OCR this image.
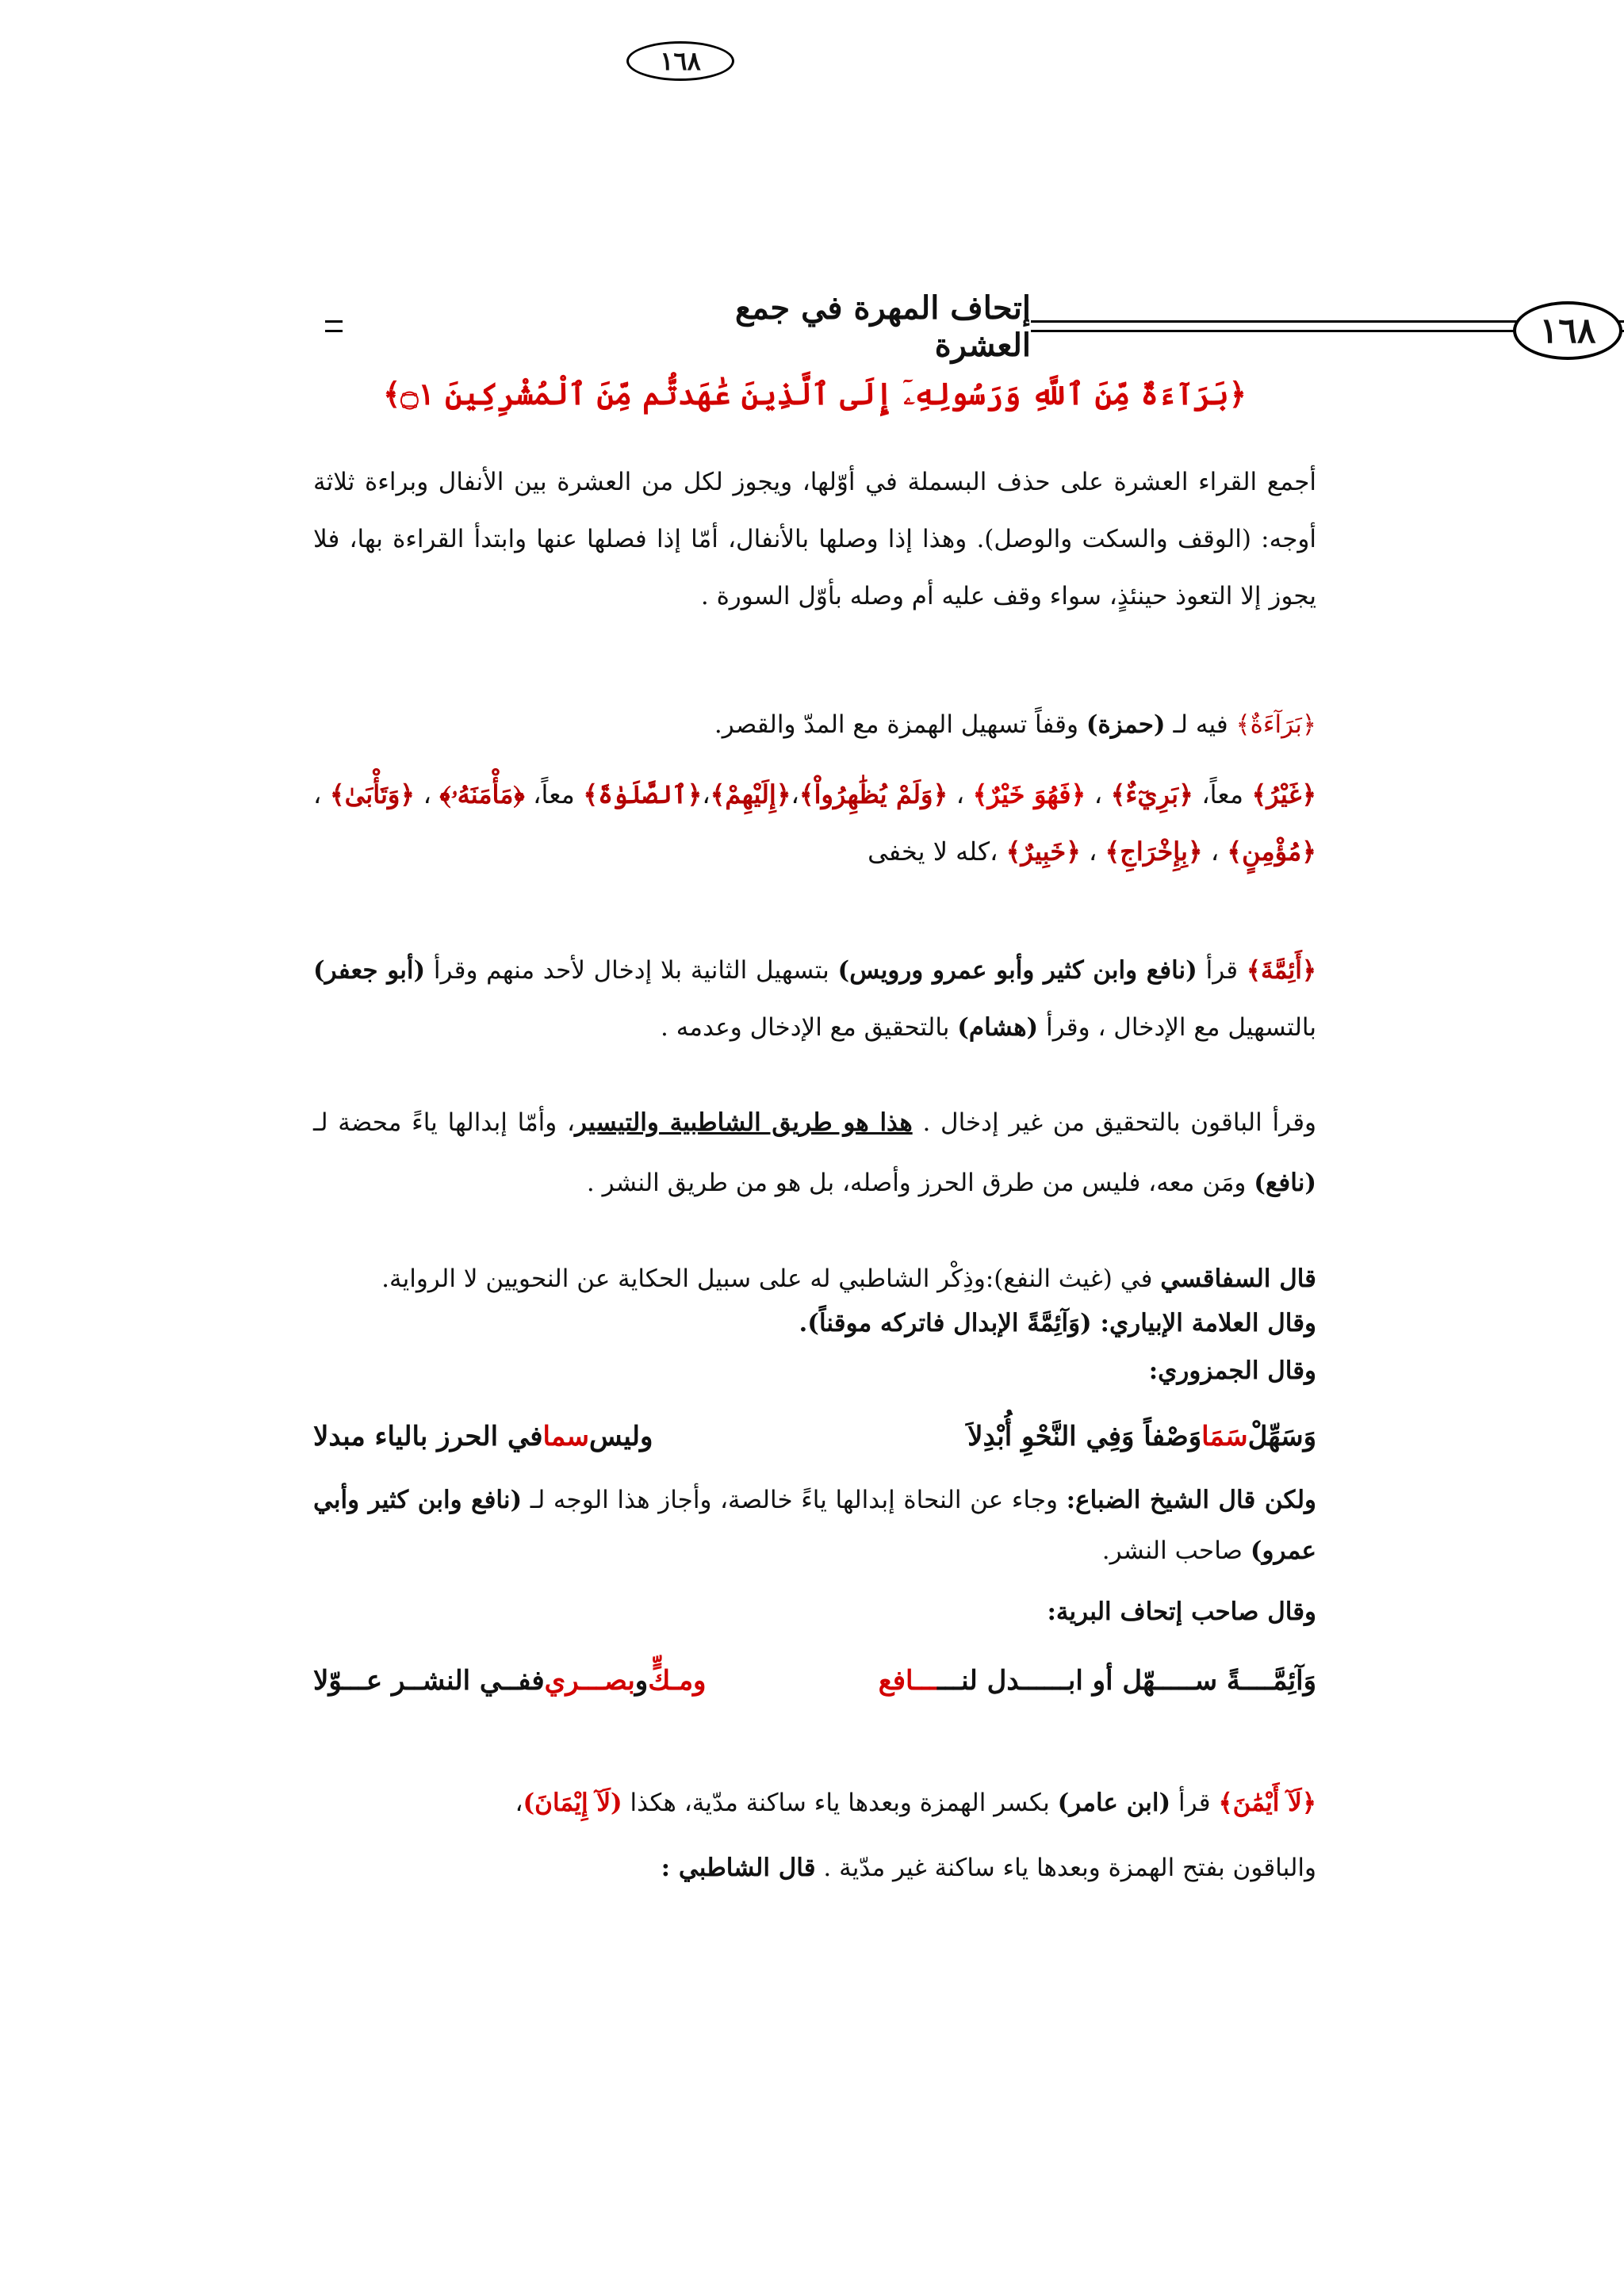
١٦٨
إتحاف المهرة في جمع العشرة	١٦٨
﴿بَرَآءَةٌ مِّنَ ٱللَّهِ وَرَسُولِهِۦٓ إِلَى ٱلَّذِينَ عَٰهَدتُّم مِّنَ ٱلْمُشْرِكِينَ ۝١﴾
أجمع القراء العشرة على حذف البسملة في أوّلها، ويجوز لكل من العشرة بين الأنفال وبراءة ثلاثة أوجه: (الوقف والسكت والوصل). وهذا إذا وصلها بالأنفال، أمّا إذا فصلها عنها وابتدأ القراءة بها، فلا يجوز إلا التعوذ حينئذٍ، سواء وقف عليه أم وصله بأوّل السورة .
﴿بَرَآءَةٌ﴾ فيه لـ (حمزة) وقفاً تسهيل الهمزة مع المدّ والقصر.
﴿غَيْرُ﴾ معاً، ﴿بَرِيٓءٌ﴾ ، ﴿فَهُوَ خَيْرٌ﴾ ، ﴿وَلَمْ يُظَٰهِرُواْ﴾،﴿إِلَيْهِمْ﴾،﴿ٱلصَّلَوٰةَ﴾ معاً، ﴿مَأْمَنَهُۥ﴾ ، ﴿وَتَأْبَىٰ﴾ ، ﴿مُؤْمِنٍ﴾ ، ﴿بِإِخْرَاجِ﴾ ، ﴿خَبِيرٌ﴾ ،كله لا يخفى
﴿أَئِمَّةَ﴾ قرأ (نافع وابن كثير وأبو عمرو ورويس) بتسهيل الثانية بلا إدخال لأحد منهم وقرأ (أبو جعفر) بالتسهيل مع الإدخال ، وقرأ (هشام) بالتحقيق مع الإدخال وعدمه .
وقرأ الباقون بالتحقيق من غير إدخال . هذا هو طريق الشاطبية والتيسير، وأمّا إبدالها ياءً محضة لـ (نافع) ومَن معه، فليس من طرق الحرز وأصله، بل هو من طريق النشر .
قال السفاقسي في (غيث النفع):وذِكْر الشاطبي له على سبيل الحكاية عن النحويين لا الرواية.
وقال العلامة الإبياري: (وَآئِمَّةً الإبدال فاتركه موقناً).
وقال الجمزوري:
وَسَهِّلْسَمَاوَصْفاً وَفِي النَّحْوِ أُبْدِلاَ
وليسسمافي الحرز بالياء مبدلا
ولكن قال الشيخ الضباع: وجاء عن النحاة إبدالها ياءً خالصة، وأجاز هذا الوجه لـ (نافع وابن كثير وأبي عمرو) صاحب النشر.
وقال صاحب إتحاف البرية:
وَآئِمَّــــةً ســـــهّل أو ابــــــدل لنــــــافع
ومـكٍّوبصـــريففــي النشــر عـــوّلا
﴿لَآ أَيْمَٰنَ﴾ قرأ (ابن عامر) بكسر الهمزة وبعدها ياء ساكنة مدّية، هكذا (لَآ إِيْمَانَ)،
والباقون بفتح الهمزة وبعدها ياء ساكنة غير مدّية . قال الشاطبي :
